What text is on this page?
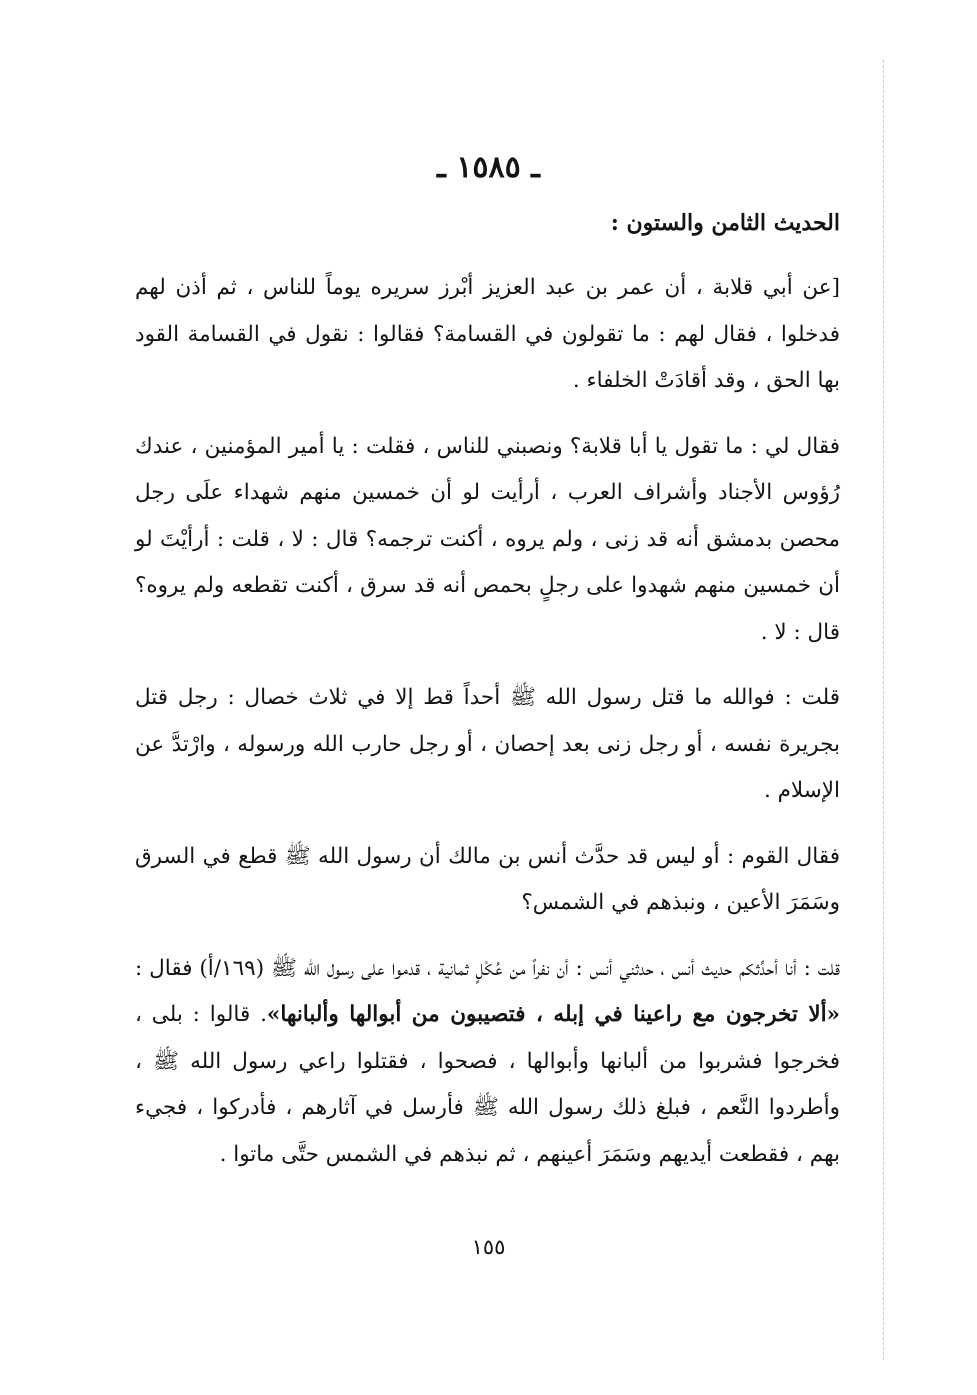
ـ ١٥٨٥ ـ
الحديث الثامن والستون :

[عن أبي قلابة ، أن عمر بن عبد العزيز أبْرز سريره يوماً للناس ، ثم أذن لهم فدخلوا ، فقال لهم : ما تقولون في القسامة؟ فقالوا : نقول في القسامة القود بها الحق ، وقد أقادَتْ الخلفاء .

فقال لي : ما تقول يا أبا قلابة؟ ونصبني للناس ، فقلت : يا أمير المؤمنين ، عندك رُؤوس الأجناد وأشراف العرب ، أرأيت لو أن خمسين منهم شهداء علَى رجل محصن بدمشق أنه قد زنى ، ولم يروه ، أكنت ترجمه؟ قال : لا ، قلت : أرأيْتَ لو أن خمسين منهم شهدوا على رجلٍ بحمص أنه قد سرق ، أكنت تقطعه ولم يروه؟ قال : لا .

قلت : فوالله ما قتل رسول الله ﷺ أحداً قط إلا في ثلاث خصال : رجل قتل بجريرة نفسه ، أو رجل زنى بعد إحصان ، أو رجل حارب الله ورسوله ، وارْتدَّ عن الإسلام .

فقال القوم : أو ليس قد حدَّث أنس بن مالك أن رسول الله ﷺ قطع في السرق وسَمَرَ الأعين ، ونبذهم في الشمس؟

قلت : أنا أحدِّثكم حديث أنس ، حدثني أنس : أن نفراً من عُكْلٍ ثمانية ، قدموا على رسول الله ﷺ (١٦٩/أ) فقال : «ألا تخرجون مع راعينا في إبله ، فتصيبون من أبوالها وألبانها». قالوا : بلى ، فخرجوا فشربوا من ألبانها وأبوالها ، فصحوا ، فقتلوا راعي رسول الله ﷺ ، وأطردوا النَّعم ، فبلغ ذلك رسول الله ﷺ فأرسل في آثارهم ، فأدركوا ، فجيء بهم ، فقطعت أيديهم وسَمَرَ أعينهم ، ثم نبذهم في الشمس حتَّى ماتوا .

١٥٥
